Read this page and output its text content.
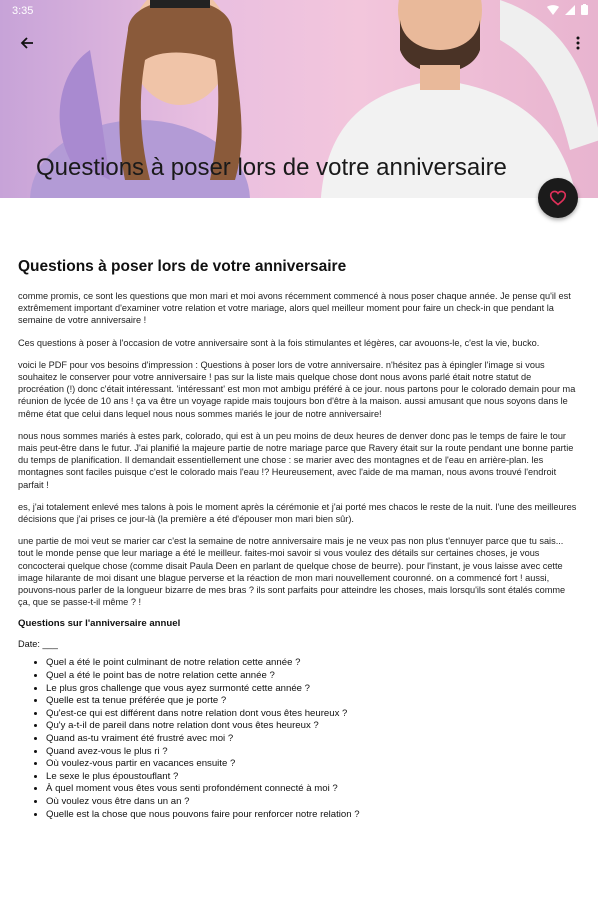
3:35
Questions à poser lors de votre anniversaire
Questions à poser lors de votre anniversaire

comme promis, ce sont les questions que mon mari et moi avons récemment commencé à nous poser chaque année. Je pense qu'il est extrêmement important d'examiner votre relation et votre mariage, alors quel meilleur moment pour faire un check-in que pendant la semaine de votre anniversaire !

Ces questions à poser à l'occasion de votre anniversaire sont à la fois stimulantes et légères, car avouons-le, c'est la vie, bucko.

voici le PDF pour vos besoins d'impression : Questions à poser lors de votre anniversaire. n'hésitez pas à épingler l'image si vous souhaitez le conserver pour votre anniversaire ! pas sur la liste mais quelque chose dont nous avons parlé était notre statut de procréation (!) donc c'était intéressant. 'intéressant' est mon mot ambigu préféré à ce jour. nous partons pour le colorado demain pour ma réunion de lycée de 10 ans ! ça va être un voyage rapide mais toujours bon d'être à la maison. aussi amusant que nous soyons dans le même état que celui dans lequel nous nous sommes mariés le jour de notre anniversaire!

nous nous sommes mariés à estes park, colorado, qui est à un peu moins de deux heures de denver donc pas le temps de faire le tour mais peut-être dans le futur. J'ai planifié la majeure partie de notre mariage parce que Ravery était sur la route pendant une bonne partie du temps de planification. Il demandait essentiellement une chose : se marier avec des montagnes et de l'eau en arrière-plan. les montagnes sont faciles puisque c'est le colorado mais l'eau !? Heureusement, avec l'aide de ma maman, nous avons trouvé l'endroit parfait !

es, j'ai totalement enlevé mes talons à pois le moment après la cérémonie et j'ai porté mes chacos le reste de la nuit. l'une des meilleures décisions que j'ai prises ce jour-là (la première a été d'épouser mon mari bien sûr).

une partie de moi veut se marier car c'est la semaine de notre anniversaire mais je ne veux pas non plus t'ennuyer parce que tu sais... tout le monde pense que leur mariage a été le meilleur. faites-moi savoir si vous voulez des détails sur certaines choses, je vous concocterai quelque chose (comme disait Paula Deen en parlant de quelque chose de beurre). pour l'instant, je vous laisse avec cette image hilarante de moi disant une blague perverse et la réaction de mon mari nouvellement couronné. on a commencé fort ! aussi, pouvons-nous parler de la longueur bizarre de mes bras ? ils sont parfaits pour atteindre les choses, mais lorsqu'ils sont étalés comme ça, que se passe-t-il même ? !

Questions sur l'anniversaire annuel
Date: ___
• Quel a été le point culminant de notre relation cette année ?
• Quel a été le point bas de notre relation cette année ?
• Le plus gros challenge que vous ayez surmonté cette année ?
• Quelle est ta tenue préférée que je porte ?
• Qu'est-ce qui est différent dans notre relation dont vous êtes heureux ?
• Qu'y a-t-il de pareil dans notre relation dont vous êtes heureux ?
• Quand as-tu vraiment été frustré avec moi ?
• Quand avez-vous le plus ri ?
• Où voulez-vous partir en vacances ensuite ?
• Le sexe le plus époustouflant ?
• À quel moment vous êtes vous senti profondément connecté à moi ?
• Où voulez vous être dans un an ?
• Quelle est la chose que nous pouvons faire pour renforcer notre relation ?
